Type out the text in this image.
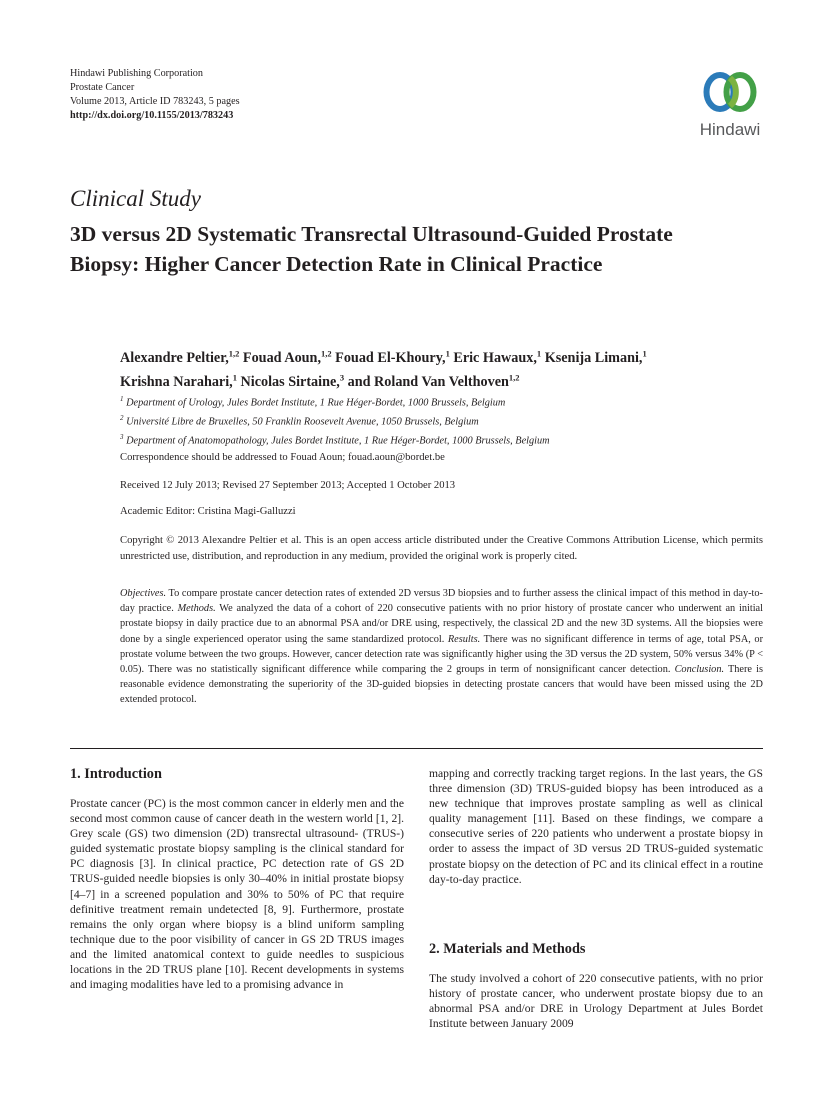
Hindawi Publishing Corporation
Prostate Cancer
Volume 2013, Article ID 783243, 5 pages
http://dx.doi.org/10.1155/2013/783243
Hindawi
Clinical Study
3D versus 2D Systematic Transrectal Ultrasound-Guided Prostate Biopsy: Higher Cancer Detection Rate in Clinical Practice
Alexandre Peltier,$^{1,2}$ Fouad Aoun,$^{1,2}$ Fouad El-Khoury,$^1$ Eric Hawaux,$^1$ Ksenija Limani,$^1$
Krishna Narahari,$^1$ Nicolas Sirtaine,$^3$ and Roland Van Velthoven$^{1,2}$
$^1$ Department of Urology, Jules Bordet Institute, 1 Rue Héger-Bordet, 1000 Brussels, Belgium
$^2$ Université Libre de Bruxelles, 50 Franklin Roosevelt Avenue, 1050 Brussels, Belgium
$^3$ Department of Anatomopathology, Jules Bordet Institute, 1 Rue Héger-Bordet, 1000 Brussels, Belgium
Correspondence should be addressed to Fouad Aoun; fouad.aoun@bordet.be
Received 12 July 2013; Revised 27 September 2013; Accepted 1 October 2013
Academic Editor: Cristina Magi-Galluzzi
Copyright © 2013 Alexandre Peltier et al. This is an open access article distributed under the Creative Commons Attribution License, which permits unrestricted use, distribution, and reproduction in any medium, provided the original work is properly cited.
Objectives. To compare prostate cancer detection rates of extended 2D versus 3D biopsies and to further assess the clinical impact of this method in day-to-day practice. Methods. We analyzed the data of a cohort of 220 consecutive patients with no prior history of prostate cancer who underwent an initial prostate biopsy in daily practice due to an abnormal PSA and/or DRE using, respectively, the classical 2D and the new 3D systems. All the biopsies were done by a single experienced operator using the same standardized protocol. Results. There was no significant difference in terms of age, total PSA, or prostate volume between the two groups. However, cancer detection rate was significantly higher using the 3D versus the 2D system, 50% versus 34% (P < 0.05). There was no statistically significant difference while comparing the 2 groups in term of nonsignificant cancer detection. Conclusion. There is reasonable evidence demonstrating the superiority of the 3D-guided biopsies in detecting prostate cancers that would have been missed using the 2D extended protocol.
1. Introduction
Prostate cancer (PC) is the most common cancer in elderly men and the second most common cause of cancer death in the western world [1, 2]. Grey scale (GS) two dimension (2D) transrectal ultrasound- (TRUS-) guided systematic prostate biopsy sampling is the clinical standard for PC diagnosis [3]. In clinical practice, PC detection rate of GS 2D TRUS-guided needle biopsies is only 30–40% in initial prostate biopsy [4–7] in a screened population and 30% to 50% of PC that require definitive treatment remain undetected [8, 9]. Furthermore, prostate remains the only organ where biopsy is a blind uniform sampling technique due to the poor visibility of cancer in GS 2D TRUS images and the limited anatomical context to guide needles to suspicious locations in the 2D TRUS plane [10]. Recent developments in systems and imaging modalities have led to a promising advance in
mapping and correctly tracking target regions. In the last years, the GS three dimension (3D) TRUS-guided biopsy has been introduced as a new technique that improves prostate sampling as well as clinical quality management [11]. Based on these findings, we compare a consecutive series of 220 patients who underwent a prostate biopsy in order to assess the impact of 3D versus 2D TRUS-guided systematic prostate biopsy on the detection of PC and its clinical effect in a routine day-to-day practice.
2. Materials and Methods
The study involved a cohort of 220 consecutive patients, with no prior history of prostate cancer, who underwent prostate biopsy due to an abnormal PSA and/or DRE in Urology Department at Jules Bordet Institute between January 2009
